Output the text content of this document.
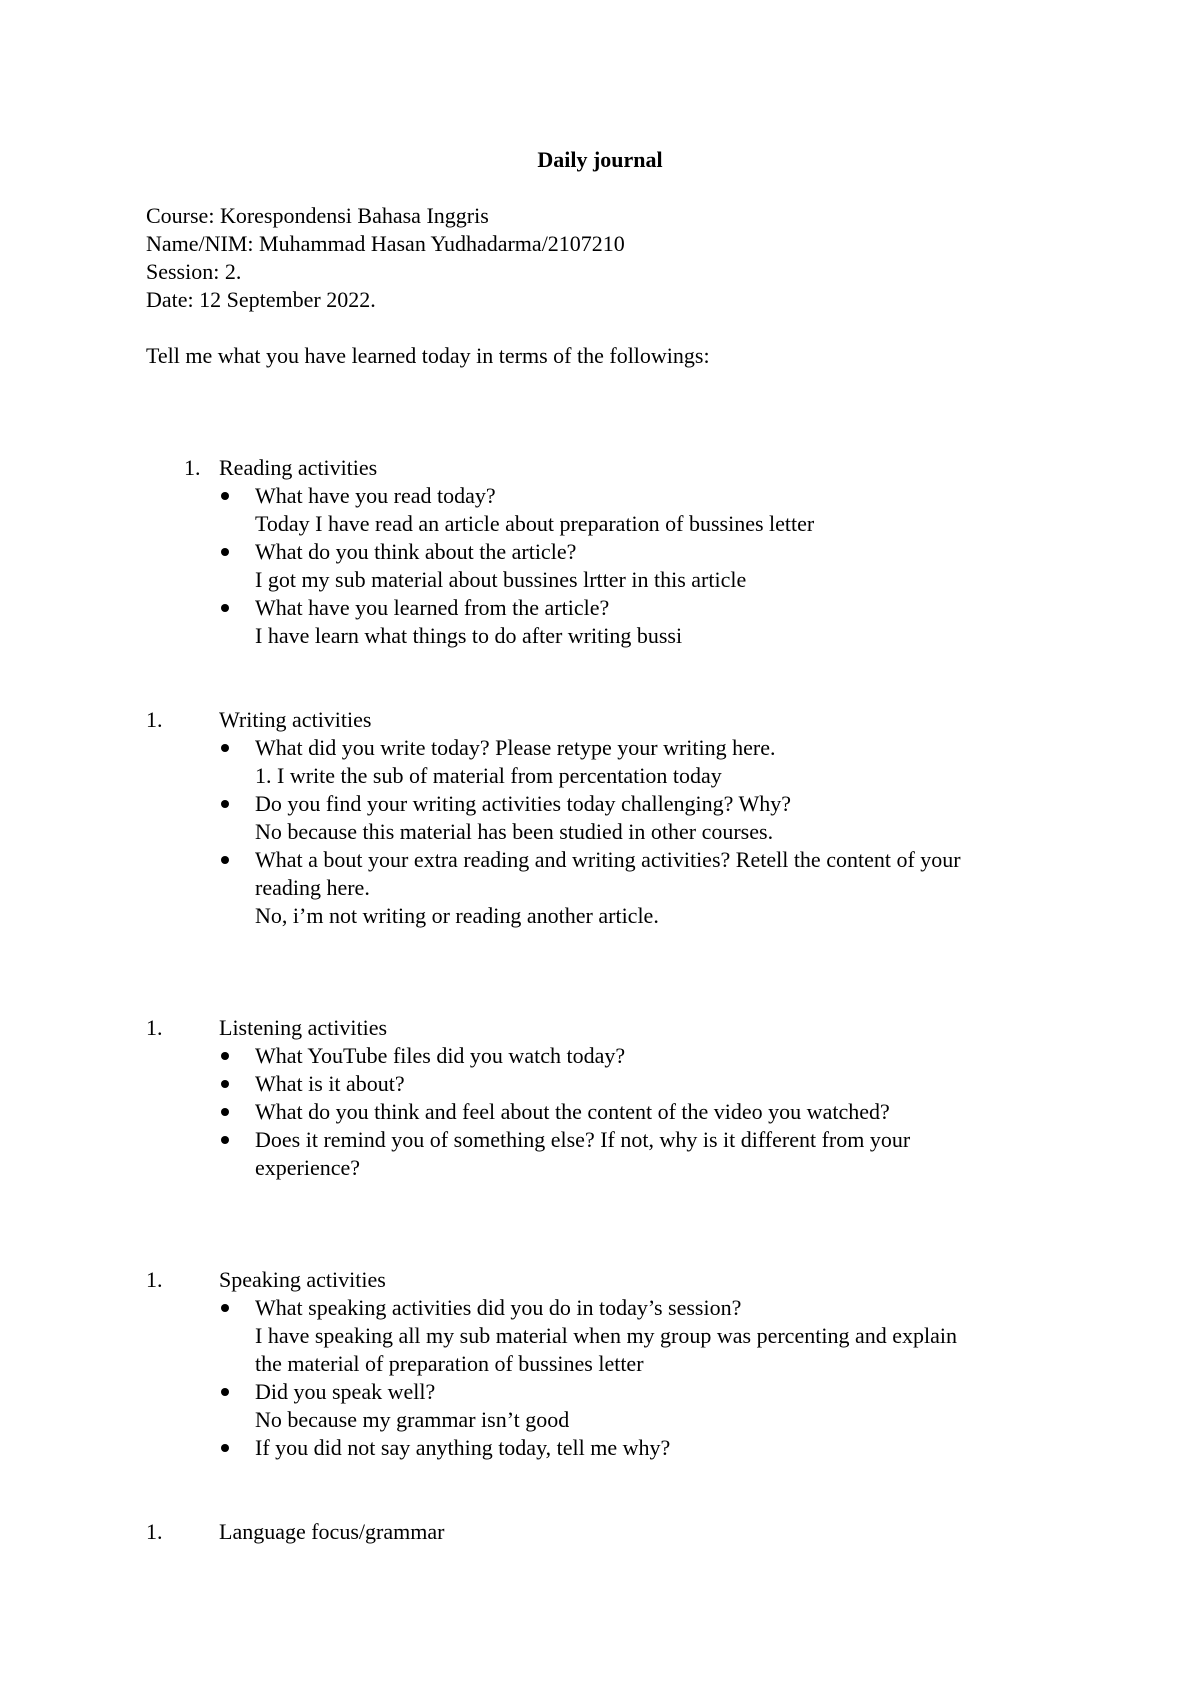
Daily journal
Course: Korespondensi Bahasa Inggris
Name/NIM: Muhammad Hasan Yudhadarma/2107210
Session: 2.
Date: 12 September 2022.
Tell me what you have learned today in terms of the followings:
1. Reading activities
What have you read today?
Today I have read an article about preparation of bussines letter
What do you think about the article?
I got my sub material about bussines lrtter in this article
What have you learned from the article?
I have learn what things to do after writing bussi
1.	Writing activities
What did you write today? Please retype your writing here.
1. I write the sub of material from percentation today
Do you find your writing activities today challenging? Why?
No because this material has been studied in other courses.
What a bout your extra reading and writing activities? Retell the content of your
reading here.
No, i’m not writing or reading another article.
1.	Listening activities
What YouTube files did you watch today?
What is it about?
What do you think and feel about the content of the video you watched?
Does it remind you of something else? If not, why is it different from your
experience?
1.	Speaking activities
What speaking activities did you do in today’s session?
I have speaking all my sub material when my group was percenting and explain
the material of preparation of bussines letter
Did you speak well?
No because my grammar isn’t good
If you did not say anything today, tell me why?
1.	Language focus/grammar
